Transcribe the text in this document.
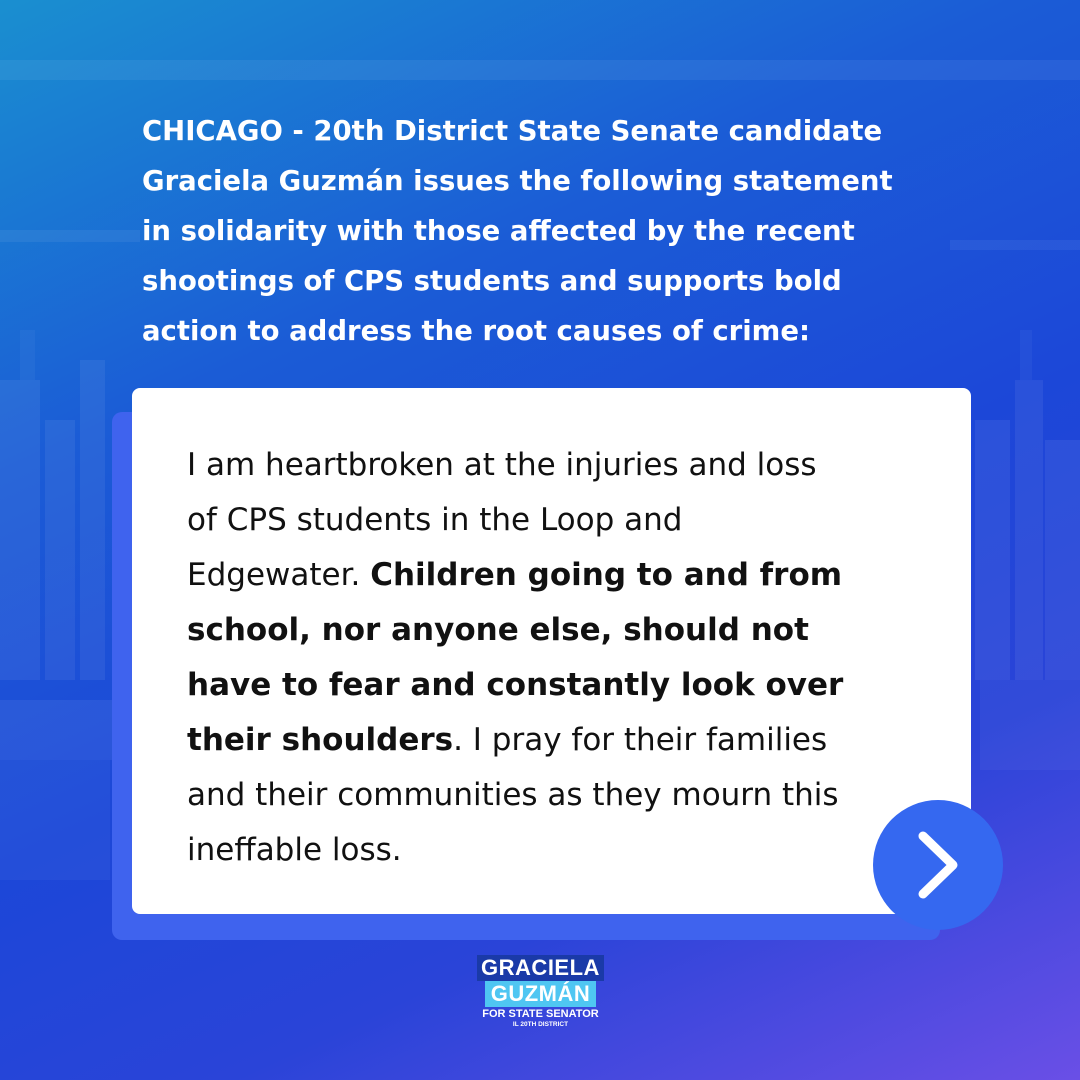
CHICAGO - 20th District State Senate candidate
Graciela Guzmán issues the following statement
in solidarity with those affected by the recent
shootings of CPS students and supports bold
action to address the root causes of crime:
I am heartbroken at the injuries and loss
of CPS students in the Loop and
Edgewater. Children going to and from
school, nor anyone else, should not
have to fear and constantly look over
their shoulders. I pray for their families
and their communities as they mourn this
ineffable loss.
GRACIELA
GUZMÁN
FOR STATE SENATOR
IL 20TH DISTRICT
